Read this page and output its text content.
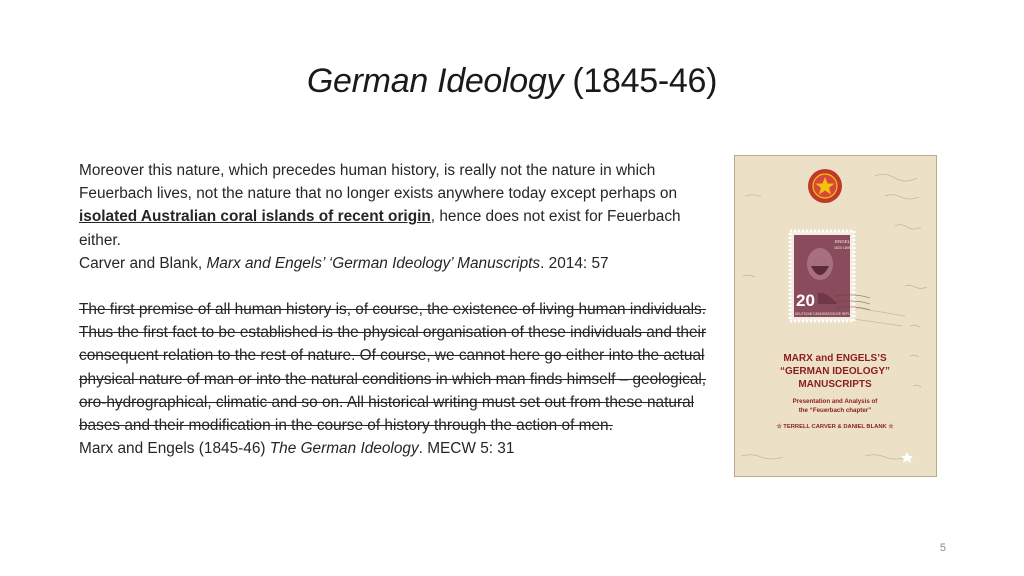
German Ideology (1845-46)

Moreover this nature, which precedes human history, is really not the nature in which Feuerbach lives, not the nature that no longer exists anywhere today except perhaps on isolated Australian coral islands of recent origin, hence does not exist for Feuerbach either.

Carver and Blank, Marx and Engels’ ‘German Ideology’ Manuscripts. 2014: 57

The first premise of all human history is, of course, the existence of living human individuals. Thus the first fact to be established is the physical organisation of these individuals and their consequent relation to the rest of nature. Of course, we cannot here go either into the actual physical nature of man or into the natural conditions in which man finds himself – geological, oro-hydrographical, climatic and so on. All historical writing must set out from these natural bases and their modification in the course of history through the action of men.

Marx and Engels (1845-46) The German Ideology. MECW 5: 31

20
ENGELS
1820 1895
DEUTSCHE DEMOKRATISCHE REPUBLIK
MARX and ENGELS’S
“GERMAN IDEOLOGY”
MANUSCRIPTS
Presentation and Analysis of
the “Feuerbach chapter”
☆ TERRELL CARVER & DANIEL BLANK ☆
5
